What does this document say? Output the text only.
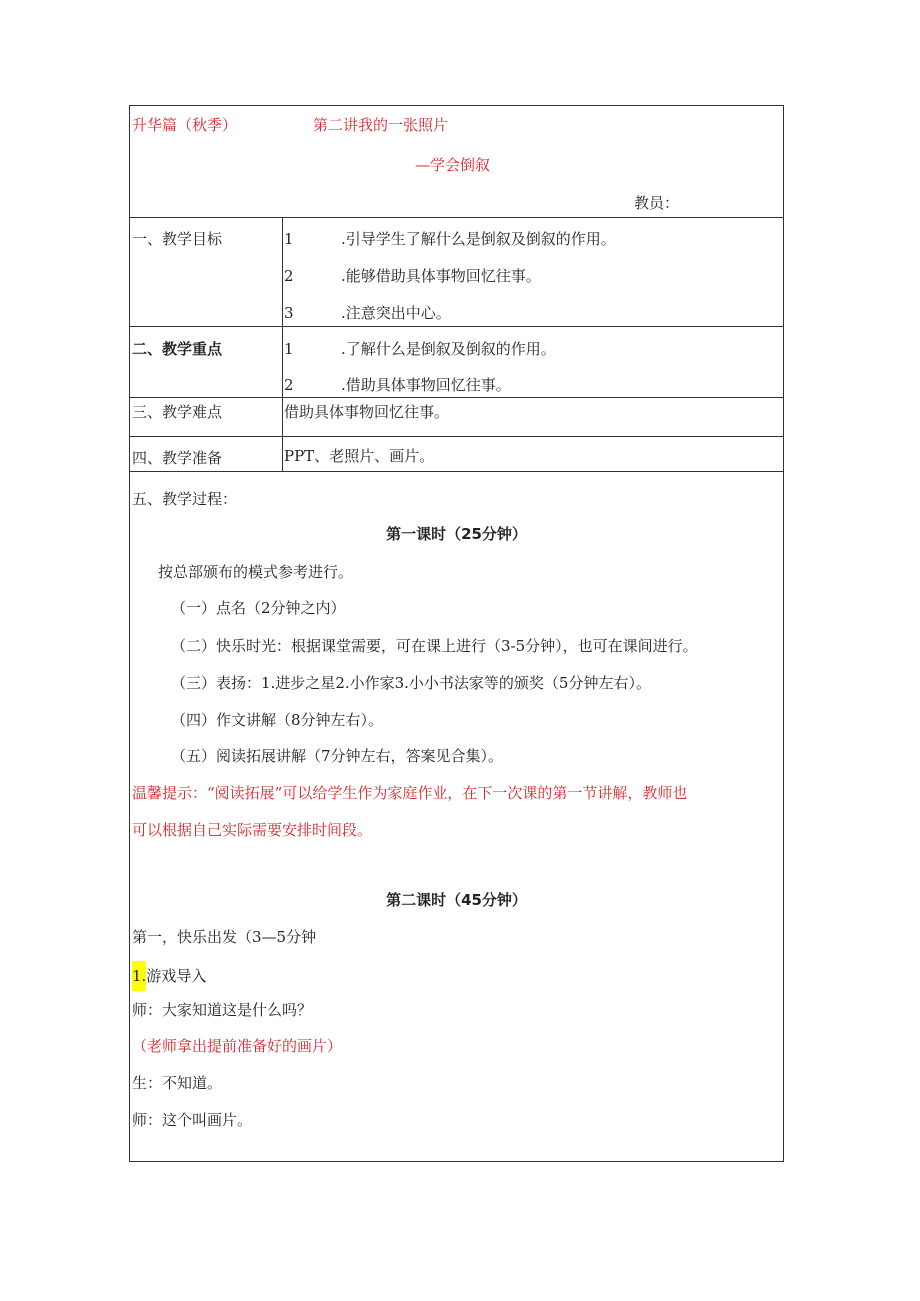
升华篇（秋季）	第二讲我的一张照片
—学会倒叙
教员：
一、教学目标	1	.引导学生了解什么是倒叙及倒叙的作用。
2	.能够借助具体事物回忆往事。
3	.注意突出中心。
二、教学重点	1	.了解什么是倒叙及倒叙的作用。
2	.借助具体事物回忆往事。
三、教学难点	借助具体事物回忆往事。
四、教学准备	PPT、老照片、画片。
五、教学过程：
第一课时（25分钟）
按总部颁布的模式参考进行。
（一）点名（2分钟之内）
（二）快乐时光：根据课堂需要，可在课上进行（3-5分钟），也可在课间进行。
（三）表扬：1.进步之星2.小作家3.小小书法家等的颁奖（5分钟左右）。
（四）作文讲解（8分钟左右）。
（五）阅读拓展讲解（7分钟左右，答案见合集）。
温馨提示：“阅读拓展”可以给学生作为家庭作业，在下一次课的第一节讲解，教师也
可以根据自己实际需要安排时间段。
第二课时（45分钟）
第一，快乐出发（3—5分钟
1.游戏导入
师：大家知道这是什么吗？
（老师拿出提前准备好的画片）
生：不知道。
师：这个叫画片。
